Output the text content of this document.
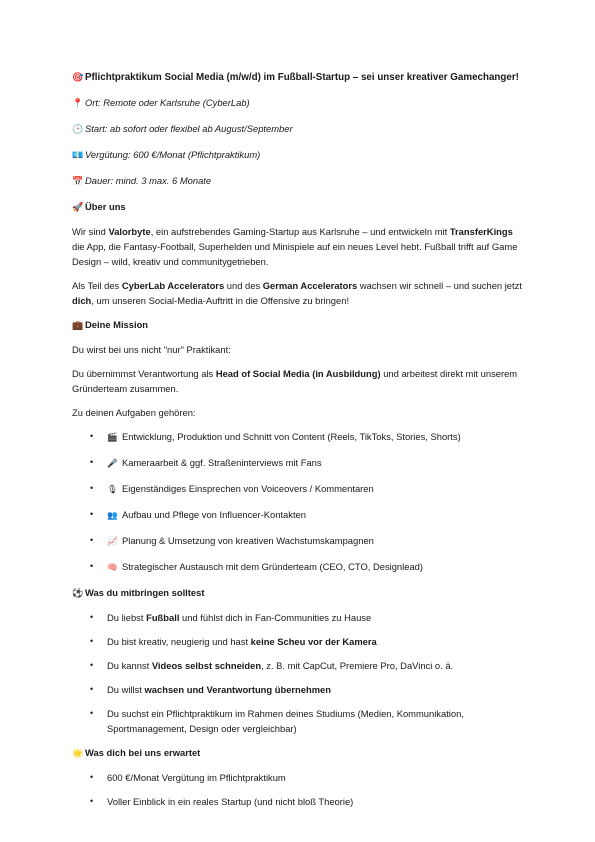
🎯 Pflichtpraktikum Social Media (m/w/d) im Fußball-Startup – sei unser kreativer Gamechanger!

📍 Ort: Remote oder Karlsruhe (CyberLab)

🕒 Start: ab sofort oder flexibel ab August/September

💶 Vergütung: 600 €/Monat (Pflichtpraktikum)

📅 Dauer: mind. 3 max. 6 Monate

🚀 Über uns

Wir sind Valorbyte, ein aufstrebendes Gaming-Startup aus Karlsruhe – und entwickeln mit TransferKings die App, die Fantasy-Football, Superhelden und Minispiele auf ein neues Level hebt. Fußball trifft auf Game Design – wild, kreativ und communitygetrieben.

Als Teil des CyberLab Accelerators und des German Accelerators wachsen wir schnell – und suchen jetzt dich, um unseren Social-Media-Auftritt in die Offensive zu bringen!

💼 Deine Mission

Du wirst bei uns nicht "nur" Praktikant:

Du übernimmst Verantwortung als Head of Social Media (in Ausbildung) und arbeitest direkt mit unserem Gründerteam zusammen.

Zu deinen Aufgaben gehören:

• 🎬 Entwicklung, Produktion und Schnitt von Content (Reels, TikToks, Stories, Shorts)
• 🎤 Kameraarbeit & ggf. Straßeninterviews mit Fans
• 🎙 Eigenständiges Einsprechen von Voiceovers / Kommentaren
• 👥 Aufbau und Pflege von Influencer-Kontakten
• 📈 Planung & Umsetzung von kreativen Wachstumskampagnen
• 🧠 Strategischer Austausch mit dem Gründerteam (CEO, CTO, Designlead)

⚽ Was du mitbringen solltest

• Du liebst Fußball und fühlst dich in Fan-Communities zu Hause
• Du bist kreativ, neugierig und hast keine Scheu vor der Kamera
• Du kannst Videos selbst schneiden, z. B. mit CapCut, Premiere Pro, DaVinci o. ä.
• Du willst wachsen und Verantwortung übernehmen
• Du suchst ein Pflichtpraktikum im Rahmen deines Studiums (Medien, Kommunikation, Sportmanagement, Design oder vergleichbar)

🌟 Was dich bei uns erwartet

• 600 €/Monat Vergütung im Pflichtpraktikum
• Voller Einblick in ein reales Startup (und nicht bloß Theorie)
